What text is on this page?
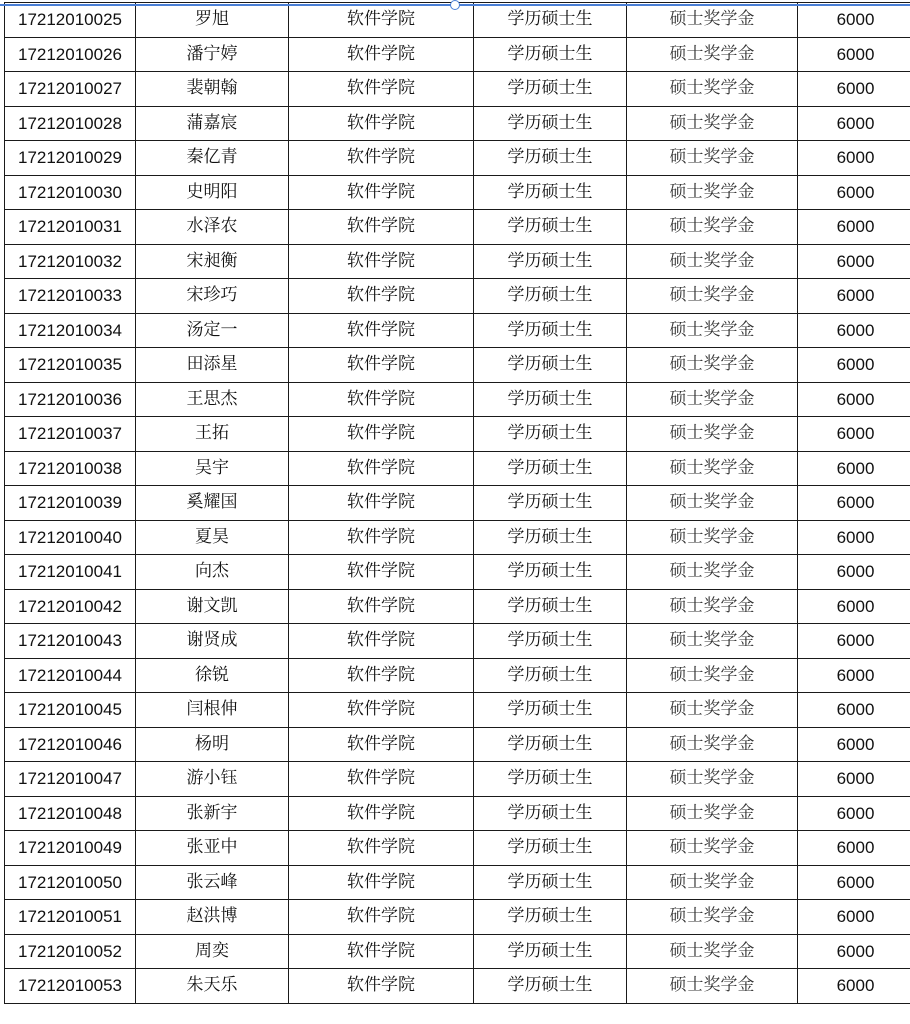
17212010025	罗旭	软件学院	学历硕士生	硕士奖学金	6000
17212010026	潘宁婷	软件学院	学历硕士生	硕士奖学金	6000
17212010027	裴朝翰	软件学院	学历硕士生	硕士奖学金	6000
17212010028	蒲嘉宸	软件学院	学历硕士生	硕士奖学金	6000
17212010029	秦亿青	软件学院	学历硕士生	硕士奖学金	6000
17212010030	史明阳	软件学院	学历硕士生	硕士奖学金	6000
17212010031	水泽农	软件学院	学历硕士生	硕士奖学金	6000
17212010032	宋昶衡	软件学院	学历硕士生	硕士奖学金	6000
17212010033	宋珍巧	软件学院	学历硕士生	硕士奖学金	6000
17212010034	汤定一	软件学院	学历硕士生	硕士奖学金	6000
17212010035	田添星	软件学院	学历硕士生	硕士奖学金	6000
17212010036	王思杰	软件学院	学历硕士生	硕士奖学金	6000
17212010037	王拓	软件学院	学历硕士生	硕士奖学金	6000
17212010038	吴宇	软件学院	学历硕士生	硕士奖学金	6000
17212010039	奚耀国	软件学院	学历硕士生	硕士奖学金	6000
17212010040	夏昊	软件学院	学历硕士生	硕士奖学金	6000
17212010041	向杰	软件学院	学历硕士生	硕士奖学金	6000
17212010042	谢文凯	软件学院	学历硕士生	硕士奖学金	6000
17212010043	谢贤成	软件学院	学历硕士生	硕士奖学金	6000
17212010044	徐锐	软件学院	学历硕士生	硕士奖学金	6000
17212010045	闫根伸	软件学院	学历硕士生	硕士奖学金	6000
17212010046	杨明	软件学院	学历硕士生	硕士奖学金	6000
17212010047	游小钰	软件学院	学历硕士生	硕士奖学金	6000
17212010048	张新宇	软件学院	学历硕士生	硕士奖学金	6000
17212010049	张亚中	软件学院	学历硕士生	硕士奖学金	6000
17212010050	张云峰	软件学院	学历硕士生	硕士奖学金	6000
17212010051	赵洪博	软件学院	学历硕士生	硕士奖学金	6000
17212010052	周奕	软件学院	学历硕士生	硕士奖学金	6000
17212010053	朱天乐	软件学院	学历硕士生	硕士奖学金	6000
